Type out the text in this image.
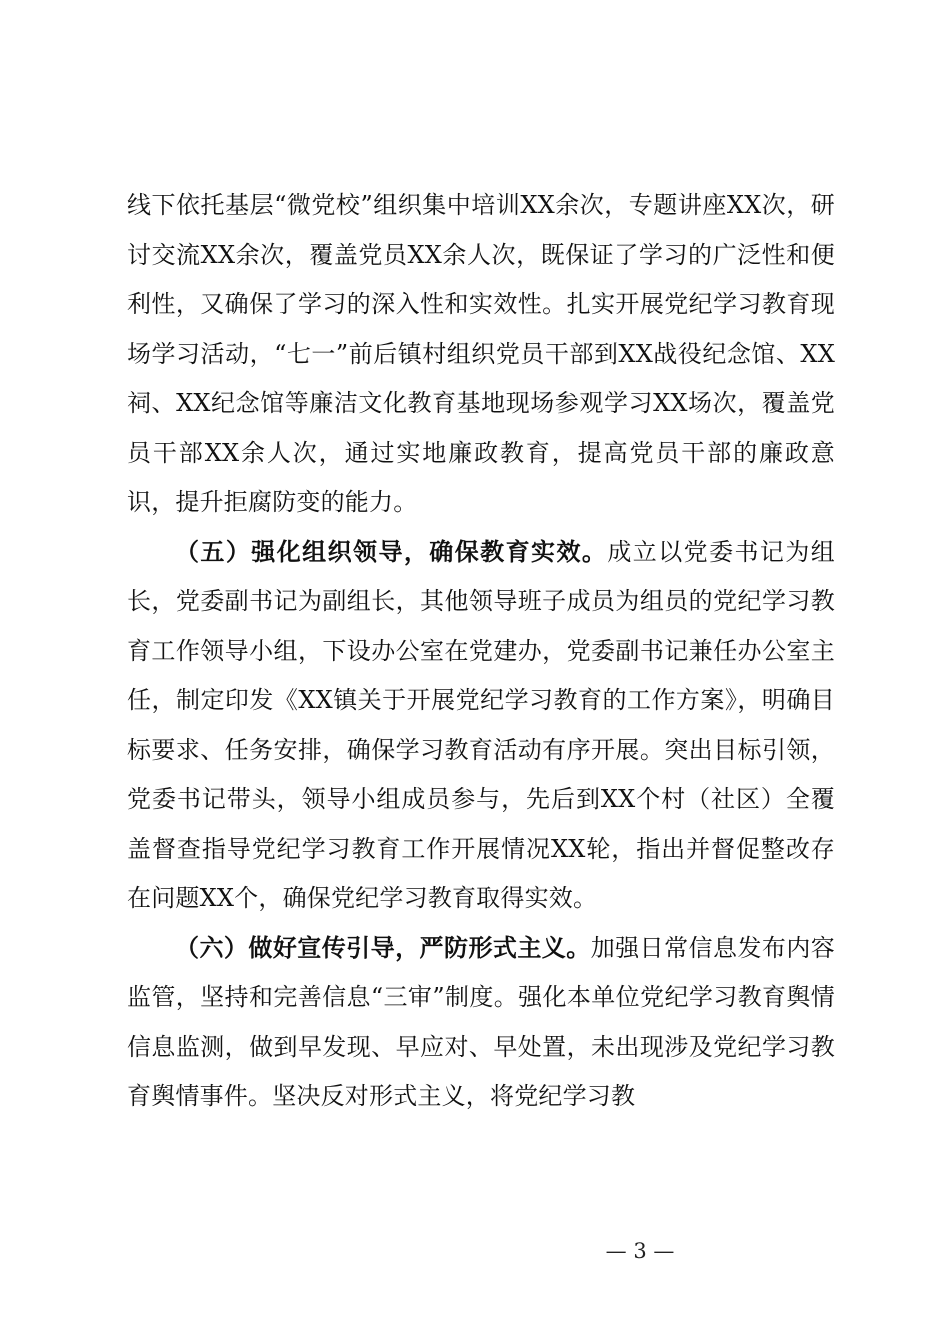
线下依托基层“微党校”组织集中培训XX余次，专题讲座XX次，研讨交流XX余次，覆盖党员XX余人次，既保证了学习的广泛性和便利性，又确保了学习的深入性和实效性。扎实开展党纪学习教育现场学习活动，“七一”前后镇村组织党员干部到XX战役纪念馆、XX祠、XX纪念馆等廉洁文化教育基地现场参观学习XX场次，覆盖党员干部XX余人次，通过实地廉政教育，提高党员干部的廉政意识，提升拒腐防变的能力。

（五）强化组织领导，确保教育实效。成立以党委书记为组长，党委副书记为副组长，其他领导班子成员为组员的党纪学习教育工作领导小组，下设办公室在党建办，党委副书记兼任办公室主任，制定印发《XX镇关于开展党纪学习教育的工作方案》，明确目标要求、任务安排，确保学习教育活动有序开展。突出目标引领，党委书记带头，领导小组成员参与，先后到XX个村（社区）全覆盖督查指导党纪学习教育工作开展情况XX轮，指出并督促整改存在问题XX个，确保党纪学习教育取得实效。

（六）做好宣传引导，严防形式主义。加强日常信息发布内容监管，坚持和完善信息“三审”制度。强化本单位党纪学习教育舆情信息监测，做到早发现、早应对、早处置，未出现涉及党纪学习教育舆情事件。坚决反对形式主义，将党纪学习教

— 3 —
